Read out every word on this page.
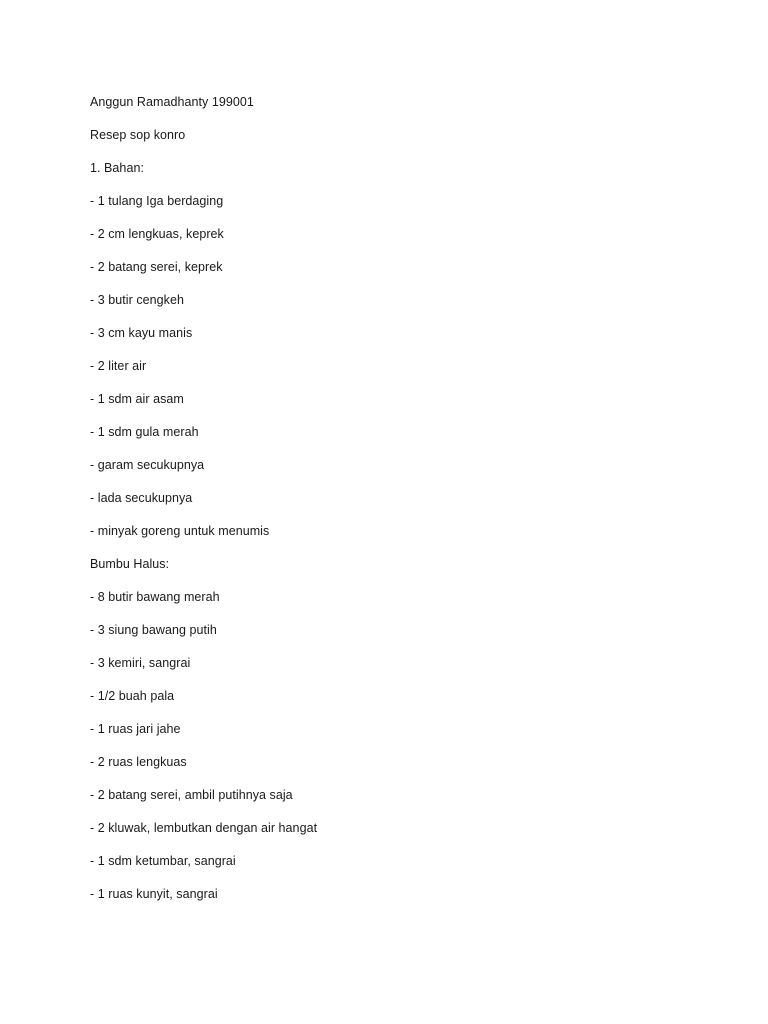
Anggun Ramadhanty 199001
Resep sop konro
1. Bahan:
- 1 tulang Iga berdaging
- 2 cm lengkuas, keprek
- 2 batang serei, keprek
- 3 butir cengkeh
- 3 cm kayu manis
- 2 liter air
- 1 sdm air asam
- 1 sdm gula merah
- garam secukupnya
- lada secukupnya
- minyak goreng untuk menumis
Bumbu Halus:
- 8 butir bawang merah
- 3 siung bawang putih
- 3 kemiri, sangrai
- 1/2 buah pala
- 1 ruas jari jahe
- 2 ruas lengkuas
- 2 batang serei, ambil putihnya saja
- 2 kluwak, lembutkan dengan air hangat
- 1 sdm ketumbar, sangrai
- 1 ruas kunyit, sangrai
